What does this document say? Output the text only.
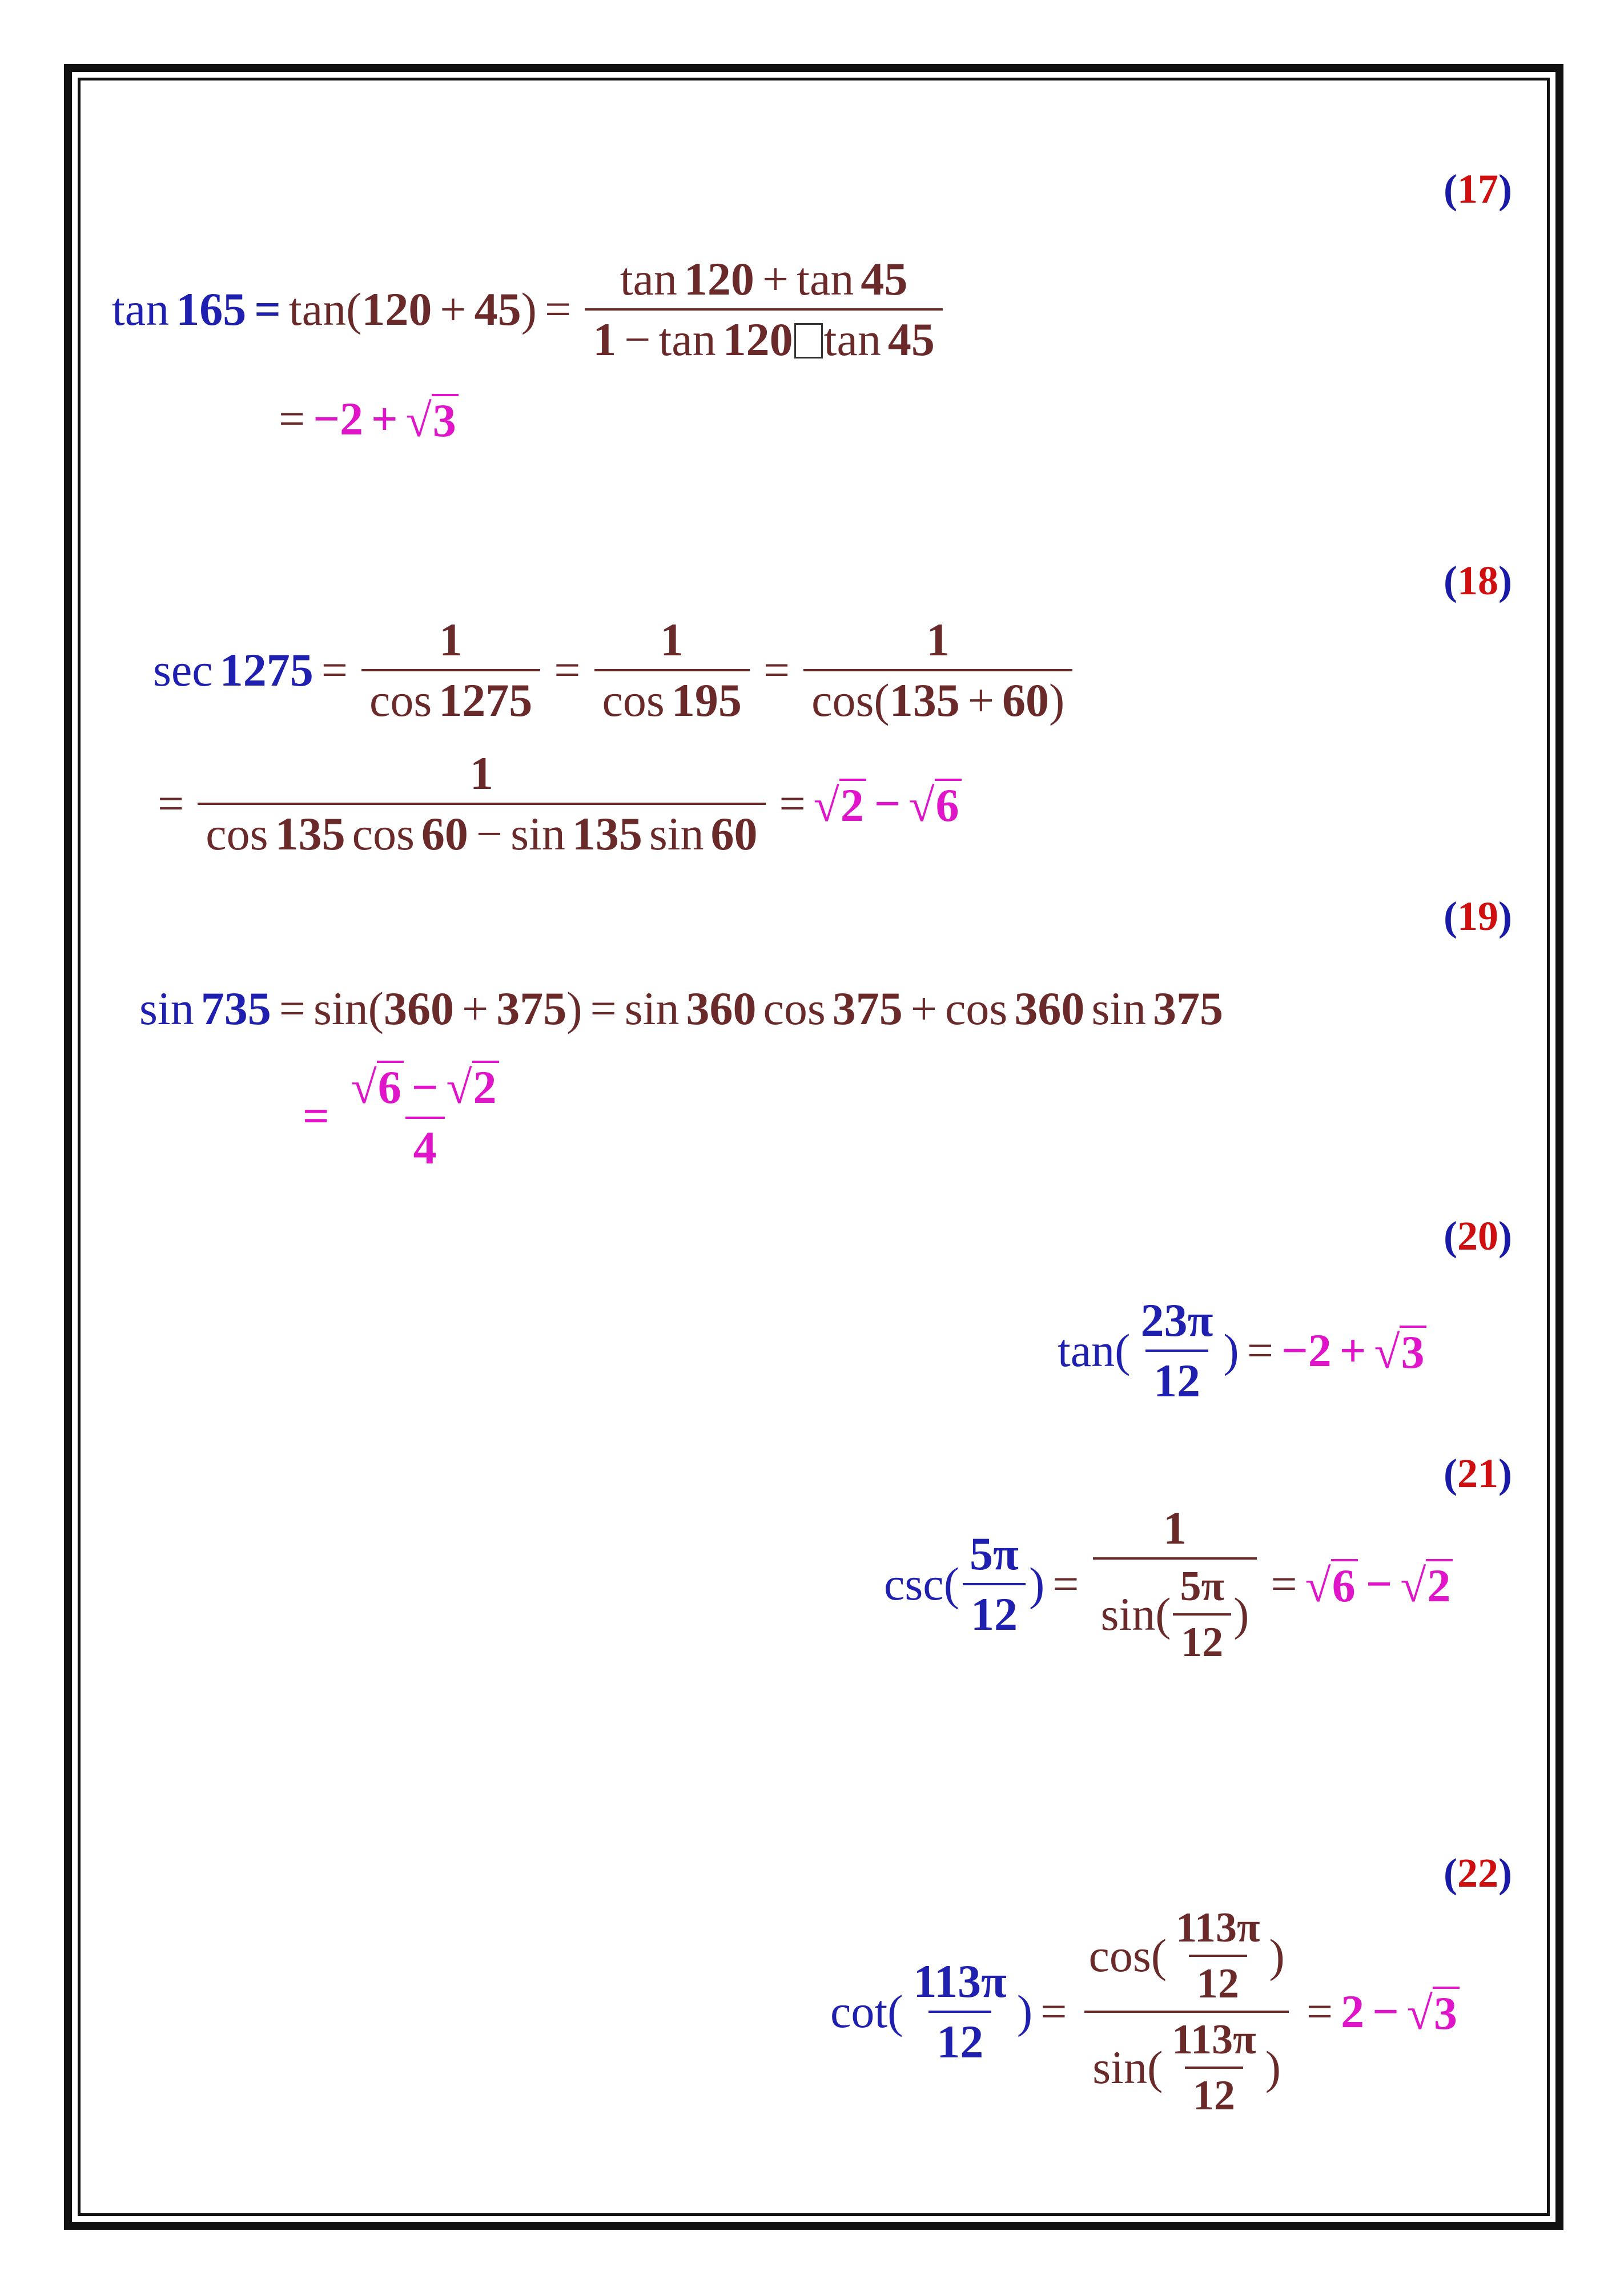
(17)
tan 165 = tan( 120 + 45 ) = $\frac{\tan 120 + \tan 45}{1 - \tan 120 \tan 45}$
= −2 + √ 3
(18)
$\sec 1275 = \frac{1}{\cos 1275} = \frac{1}{\cos 195} = \frac{1}{\cos(135 + 60)}$
= $\frac{1}{\cos 135 \cos 60 - \sin 135 \sin 60}$ = √ 2 − √ 6
(19)
sin 735 = sin( 360 + 375 ) = sin 360 cos 375 + cos 360 sin 375
= $\frac{√ 6 - √ 2}{4}$
(20)
$\tan( \frac{23\pi}{12}$ ) = −2 + √ 3
(21)
$\csc( \frac{5\pi}{12}$ ) = $\frac{1}{\sin( \frac{5\pi}{12} )}$ = √ 6 − √ 2
(22)
$\cot( \frac{113\pi}{12}$ ) = $\frac{\cos( \frac{113\pi}{12} )}{\sin( \frac{113\pi}{12} )} = 2$ − √ 3
